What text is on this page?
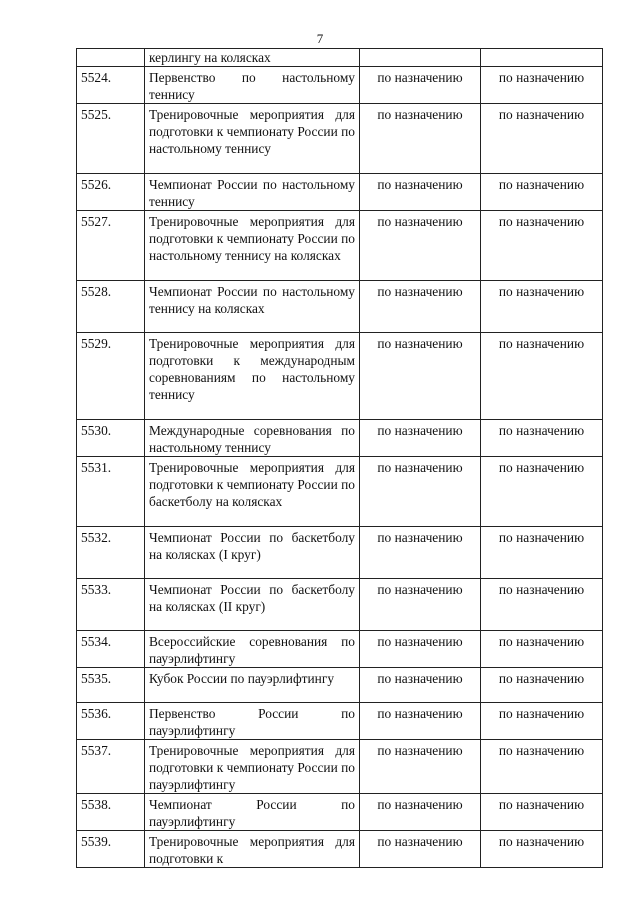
7
	керлингу на колясках		
5524.	Первенство по настольному теннису	по назначению	по назначению
5525.	Тренировочные мероприятия для подготовки к чемпионату России по настольному теннису	по назначению	по назначению
5526.	Чемпионат России по настольному теннису	по назначению	по назначению
5527.	Тренировочные мероприятия для подготовки к чемпионату России по настольному теннису на колясках	по назначению	по назначению
5528.	Чемпионат России по настольному теннису на колясках	по назначению	по назначению
5529.	Тренировочные мероприятия для подготовки к международным соревнованиям по настольному теннису	по назначению	по назначению
5530.	Международные соревнования по настольному теннису	по назначению	по назначению
5531.	Тренировочные мероприятия для подготовки к чемпионату России по баскетболу на колясках	по назначению	по назначению
5532.	Чемпионат России по баскетболу на колясках (I круг)	по назначению	по назначению
5533.	Чемпионат России по баскетболу на колясках (II круг)	по назначению	по назначению
5534.	Всероссийские соревнования по пауэрлифтингу	по назначению	по назначению
5535.	Кубок России по пауэрлифтингу	по назначению	по назначению
5536.	Первенство России по пауэрлифтингу	по назначению	по назначению
5537.	Тренировочные мероприятия для подготовки к чемпионату России по пауэрлифтингу	по назначению	по назначению
5538.	Чемпионат России по пауэрлифтингу	по назначению	по назначению
5539.	Тренировочные мероприятия для подготовки к	по назначению	по назначению
